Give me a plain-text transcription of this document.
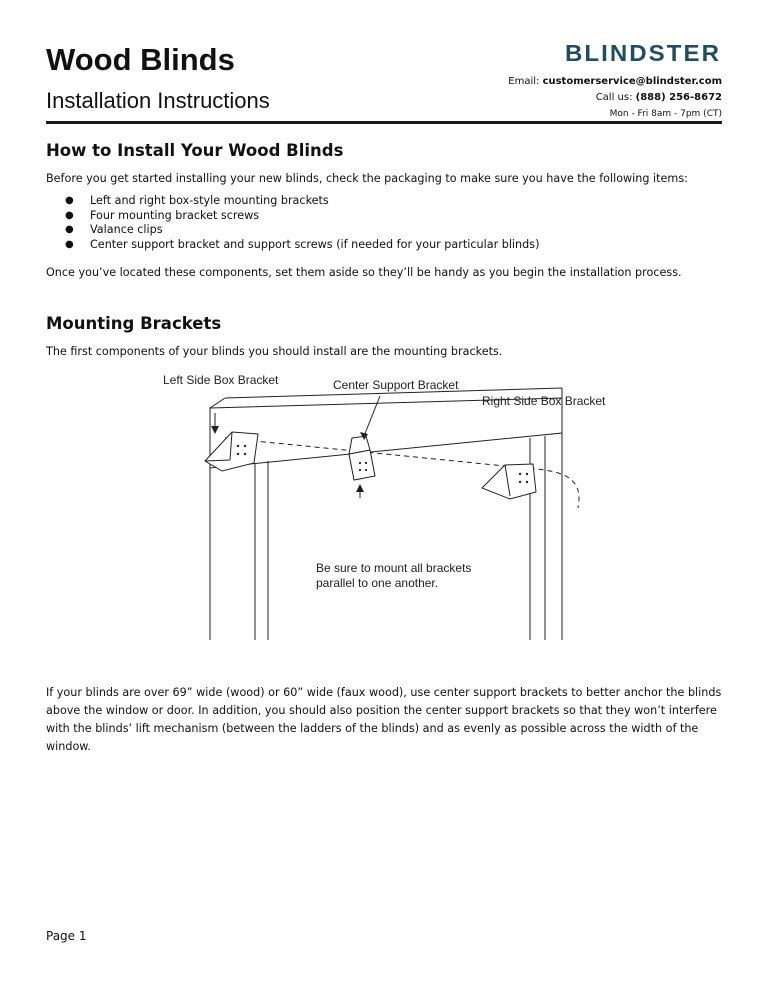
Wood Blinds
Installation Instructions
BLINDSTER
Email: customerservice@blindster.com
Call us: (888) 256-8672
Mon - Fri 8am - 7pm (CT)
How to Install Your Wood Blinds

Before you get started installing your new blinds, check the packaging to make sure you have the following items:

● Left and right box-style mounting brackets
● Four mounting bracket screws
● Valance clips
● Center support bracket and support screws (if needed for your particular blinds)

Once you’ve located these components, set them aside so they’ll be handy as you begin the installation process.

Mounting Brackets

The first components of your blinds you should install are the mounting brackets.

Left Side Box Bracket	Center Support Bracket
Right Side Box Bracket
Be sure to mount all brackets
parallel to one another.

If your blinds are over 69” wide (wood) or 60” wide (faux wood), use center support brackets to better anchor the blinds above the window or door. In addition, you should also position the center support brackets so that they won’t interfere with the blinds’ lift mechanism (between the ladders of the blinds) and as evenly as possible across the width of the window.

Page 1
